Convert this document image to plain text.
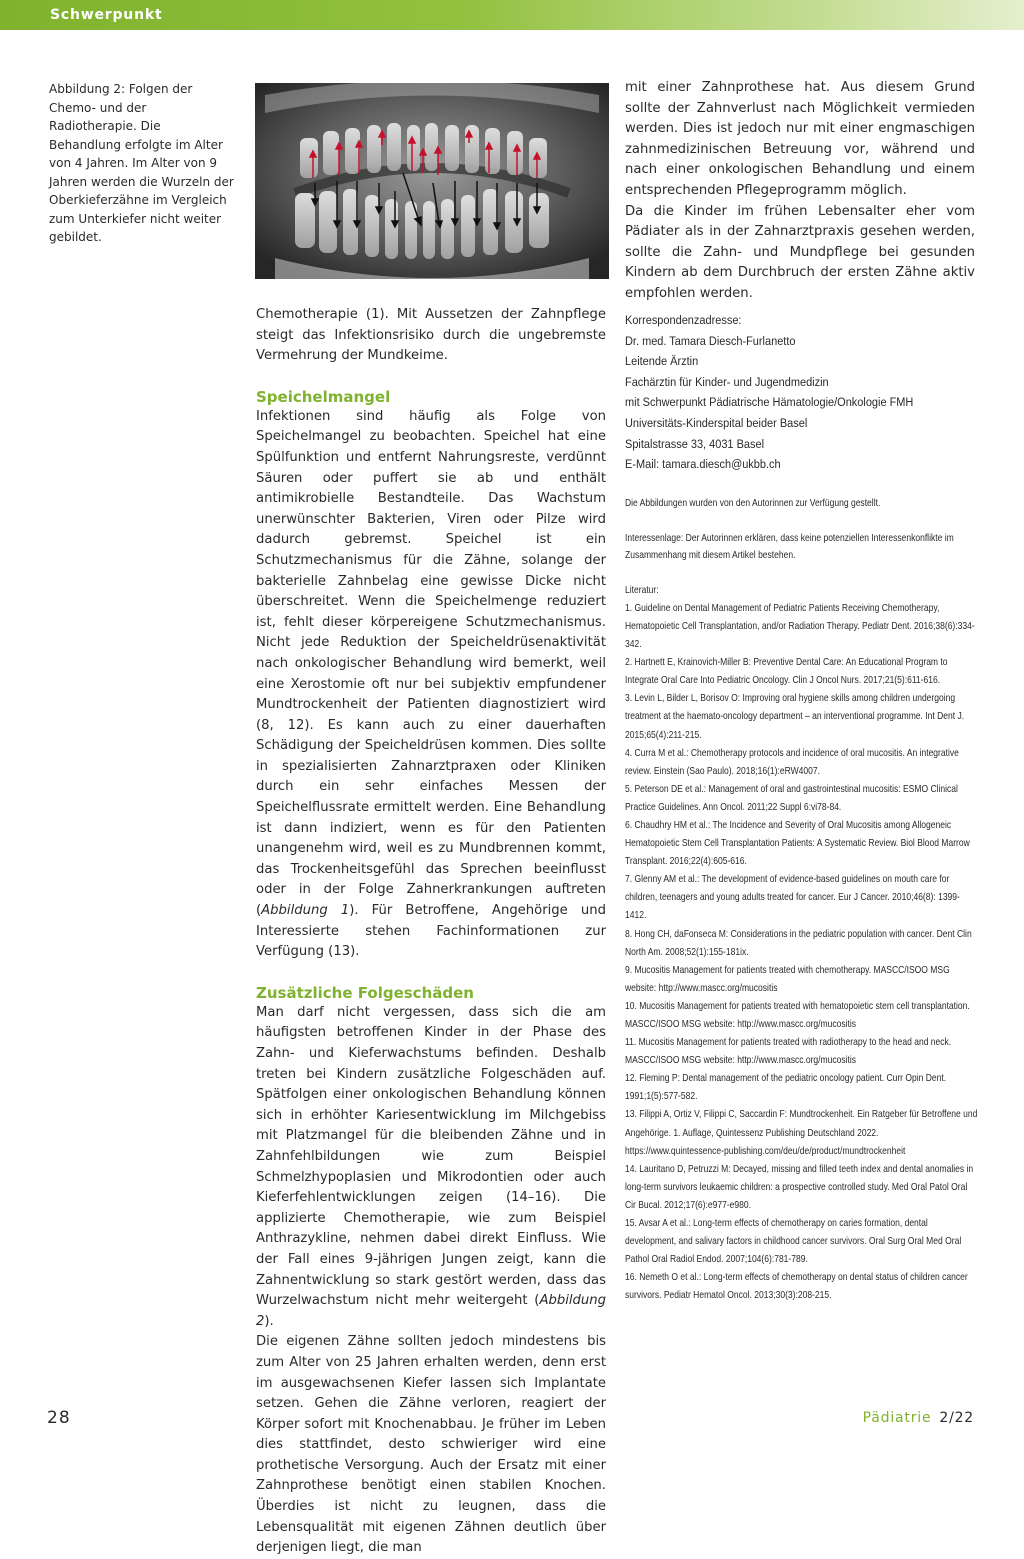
Schwerpunkt
Abbildung 2: Folgen der Chemo- und der Radiotherapie. Die Behandlung erfolgte im Alter von 4 Jahren. Im Alter von 9 Jahren werden die Wurzeln der Oberkieferzähne im Vergleich zum Unterkiefer nicht weiter gebildet.

mit einer Zahnprothese hat. Aus diesem Grund sollte der Zahnverlust nach Möglichkeit vermieden werden. Dies ist jedoch nur mit einer engmaschigen zahnmedizinischen Betreuung vor, während und nach einer onkologischen Behandlung und einem entsprechenden Pflegeprogramm möglich.

Da die Kinder im frühen Lebensalter eher vom Pädiater als in der Zahnarztpraxis gesehen werden, sollte die Zahn- und Mundpflege bei gesunden Kindern ab dem Durchbruch der ersten Zähne aktiv empfohlen werden.

Chemotherapie (1). Mit Aussetzen der Zahnpflege steigt das Infektionsrisiko durch die ungebremste Vermehrung der Mundkeime.

Speichelmangel

Infektionen sind häufig als Folge von Speichelmangel zu beobachten. Speichel hat eine Spülfunktion und entfernt Nahrungsreste, verdünnt Säuren oder puffert sie ab und enthält antimikrobielle Bestandteile. Das Wachstum unerwünschter Bakterien, Viren oder Pilze wird dadurch gebremst. Speichel ist ein Schutzmechanismus für die Zähne, solange der bakterielle Zahnbelag eine gewisse Dicke nicht überschreitet. Wenn die Speichelmenge reduziert ist, fehlt dieser körpereigene Schutzmechanismus. Nicht jede Reduktion der Speicheldrüsenaktivität nach onkologischer Behandlung wird bemerkt, weil eine Xerostomie oft nur bei subjektiv empfundener Mundtrockenheit der Patienten diagnostiziert wird (8, 12). Es kann auch zu einer dauerhaften Schädigung der Speicheldrüsen kommen. Dies sollte in spezialisierten Zahnarztpraxen oder Kliniken durch ein sehr einfaches Messen der Speichelflussrate ermittelt werden. Eine Behandlung ist dann indiziert, wenn es für den Patienten unangenehm wird, weil es zu Mundbrennen kommt, das Trockenheitsgefühl das Sprechen beeinflusst oder in der Folge Zahnerkrankungen auftreten (Abbildung 1). Für Betroffene, Angehörige und Interessierte stehen Fachinformationen zur Verfügung (13).

Zusätzliche Folgeschäden

Man darf nicht vergessen, dass sich die am häufigsten betroffenen Kinder in der Phase des Zahn- und Kieferwachstums befinden. Deshalb treten bei Kindern zusätzliche Folgeschäden auf. Spätfolgen einer onkologischen Behandlung können sich in erhöhter Kariesentwicklung im Milchgebiss mit Platzmangel für die bleibenden Zähne und in Zahnfehlbildungen wie zum Beispiel Schmelzhypoplasien und Mikrodontien oder auch Kieferfehlentwicklungen zeigen (14–16). Die applizierte Chemotherapie, wie zum Beispiel Anthrazykline, nehmen dabei direkt Einfluss. Wie der Fall eines 9-jährigen Jungen zeigt, kann die Zahnentwicklung so stark gestört werden, dass das Wurzelwachstum nicht mehr weitergeht (Abbildung 2).

Die eigenen Zähne sollten jedoch mindestens bis zum Alter von 25 Jahren erhalten werden, denn erst im ausgewachsenen Kiefer lassen sich Implantate setzen. Gehen die Zähne verloren, reagiert der Körper sofort mit Knochenabbau. Je früher im Leben dies stattfindet, desto schwieriger wird eine prothetische Versorgung. Auch der Ersatz mit einer Zahnprothese benötigt einen stabilen Knochen. Überdies ist nicht zu leugnen, dass die Lebensqualität mit eigenen Zähnen deutlich über derjenigen liegt, die man

Korrespondenzadresse:

Dr. med. Tamara Diesch-Furlanetto

Leitende Ärztin

Fachärztin für Kinder- und Jugendmedizin

mit Schwerpunkt Pädiatrische Hämatologie/Onkologie FMH

Universitäts-Kinderspital beider Basel

Spitalstrasse 33, 4031 Basel

E-Mail: tamara.diesch@ukbb.ch

Die Abbildungen wurden von den Autorinnen zur Verfügung gestellt.

Interessenlage: Der Autorinnen erklären, dass keine potenziellen Interessenkonflikte im Zusammenhang mit diesem Artikel bestehen.

Literatur:

1. Guideline on Dental Management of Pediatric Patients Receiving Chemotherapy, Hematopoietic Cell Transplantation, and/or Radiation Therapy. Pediatr Dent. 2016;38(6):334-342.

2. Hartnett E, Krainovich-Miller B: Preventive Dental Care: An Educational Program to Integrate Oral Care Into Pediatric Oncology. Clin J Oncol Nurs. 2017;21(5):611-616.

3. Levin L, Bilder L, Borisov O: Improving oral hygiene skills among children undergoing treatment at the haemato-oncology department – an interventional programme. Int Dent J. 2015;65(4):211-215.

4. Curra M et al.: Chemotherapy protocols and incidence of oral mucositis. An integrative review. Einstein (Sao Paulo). 2018;16(1):eRW4007.

5. Peterson DE et al.: Management of oral and gastrointestinal mucositis: ESMO Clinical Practice Guidelines. Ann Oncol. 2011;22 Suppl 6:vi78-84.

6. Chaudhry HM et al.: The Incidence and Severity of Oral Mucositis among Allogeneic Hematopoietic Stem Cell Transplantation Patients: A Systematic Review. Biol Blood Marrow Transplant. 2016;22(4):605-616.

7. Glenny AM et al.: The development of evidence-based guidelines on mouth care for children, teenagers and young adults treated for cancer. Eur J Cancer. 2010;46(8): 1399-1412.

8. Hong CH, daFonseca M: Considerations in the pediatric population with cancer. Dent Clin North Am. 2008;52(1):155-181ix.

9. Mucositis Management for patients treated with chemotherapy. MASCC/ISOO MSG website: http://www.mascc.org/mucositis

10. Mucositis Management for patients treated with hematopoietic stem cell transplantation. MASCC/ISOO MSG website: http://www.mascc.org/mucositis

11. Mucositis Management for patients treated with radiotherapy to the head and neck. MASCC/ISOO MSG website: http://www.mascc.org/mucositis

12. Fleming P: Dental management of the pediatric oncology patient. Curr Opin Dent. 1991;1(5):577-582.

13. Filippi A, Ortiz V, Filippi C, Saccardin F: Mundtrockenheit. Ein Ratgeber für Betroffene und Angehörige. 1. Auflage, Quintessenz Publishing Deutschland 2022. https://www.quintessence-publishing.com/deu/de/product/mundtrockenheit

14. Lauritano D, Petruzzi M: Decayed, missing and filled teeth index and dental anomalies in long-term survivors leukaemic children: a prospective controlled study. Med Oral Patol Oral Cir Bucal. 2012;17(6):e977-e980.

15. Avsar A et al.: Long-term effects of chemotherapy on caries formation, dental development, and salivary factors in childhood cancer survivors. Oral Surg Oral Med Oral Pathol Oral Radiol Endod. 2007;104(6):781-789.

16. Nemeth O et al.: Long-term effects of chemotherapy on dental status of children cancer survivors. Pediatr Hematol Oncol. 2013;30(3):208-215.

28	Pädiatrie 2/22
